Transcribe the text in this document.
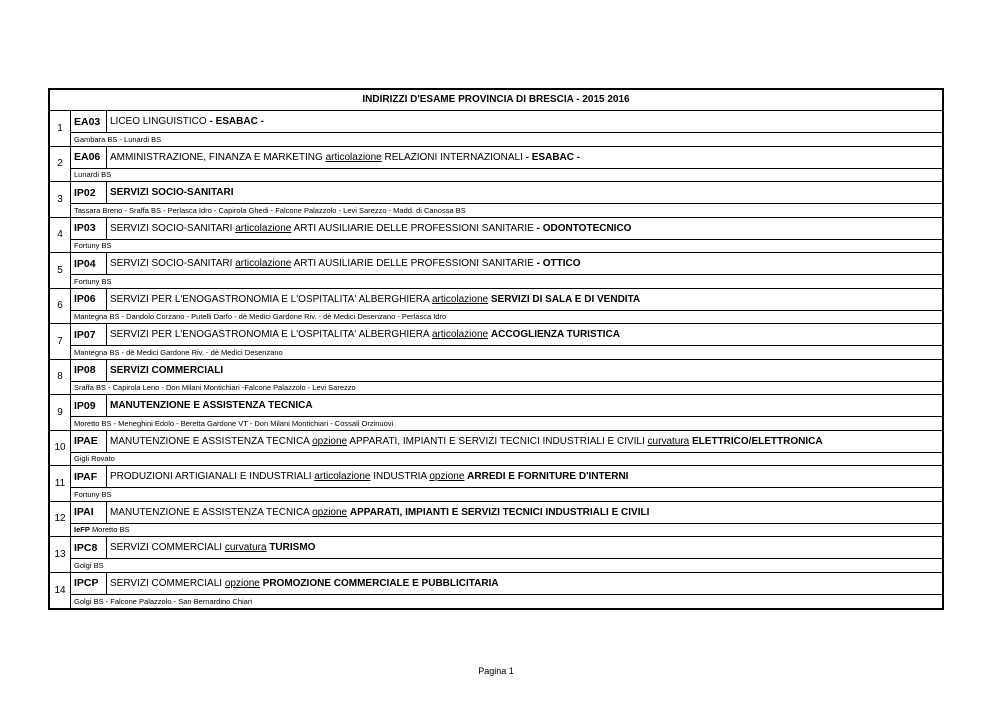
INDIRIZZI D'ESAME PROVINCIA DI BRESCIA - 2015 2016
1
EA03 LICEO LINGUISTICO - ESABAC -
Gambara BS - Lunardi BS
2
EA06 AMMINISTRAZIONE, FINANZA E MARKETING articolazione RELAZIONI INTERNAZIONALI - ESABAC -
Lunardi BS
3
IP02	SERVIZI SOCIO-SANITARI
Tassara Breno - Sraffa BS - Perlasca Idro - Capirola Ghedi - Falcone Palazzolo - Levi Sarezzo - Madd. di Canossa BS
4
IP03	SERVIZI SOCIO-SANITARI articolazione ARTI AUSILIARIE DELLE PROFESSIONI SANITARIE - ODONTOTECNICO
Fortuny BS
5
IP04	SERVIZI SOCIO-SANITARI articolazione ARTI AUSILIARIE DELLE PROFESSIONI SANITARIE - OTTICO
Fortuny BS
6
IP06	SERVIZI PER L'ENOGASTRONOMIA E L'OSPITALITA' ALBERGHIERA articolazione
SERVIZI DI SALA E DI VENDITA
Mantegna BS - Dandolo Corzano - Putelli Darfo - dè Medici Gardone Riv. - dè Medici Desenzano - Perlasca Idro
7
IP07	SERVIZI PER L'ENOGASTRONOMIA E L'OSPITALITA' ALBERGHIERA articolazione
ACCOGLIENZA TURISTICA
Mantegna BS - dè Medici Gardone Riv. - dè Medici Desenzano
8
IP08	SERVIZI COMMERCIALI
Sraffa BS - Capirola Leno - Don Milani Montichiari -Falcone Palazzolo - Levi Sarezzo
9
IP09	MANUTENZIONE E ASSISTENZA TECNICA
Moretto BS - Meneghini Edolo - Beretta Gardone VT - Don Milani Montichiari - Cossali Orzinuovi
10
IPAE	MANUTENZIONE E ASSISTENZA TECNICA opzione APPARATI, IMPIANTI E SERVIZI TECNICI INDUSTRIALI E CIVILI curvatura
ELETTRICO/ELETTRONICA
Gigli Rovato
11
IPAF	PRODUZIONI ARTIGIANALI E INDUSTRIALI articolazione INDUSTRIA opzione
ARREDI E FORNITURE D'INTERNI
Fortuny BS
12
IPAI	MANUTENZIONE E ASSISTENZA TECNICA opzione
APPARATI, IMPIANTI E SERVIZI TECNICI INDUSTRIALI E CIVILI
IeFP
Moretto BS
13
IPC8	SERVIZI COMMERCIALI curvatura
TURISMO
Golgi BS
14
IPCP	SERVIZI COMMERCIALI opzione
PROMOZIONE COMMERCIALE E PUBBLICITARIA
Golgi BS - Falcone Palazzolo - San Bernardino Chiari
Pagina 1
